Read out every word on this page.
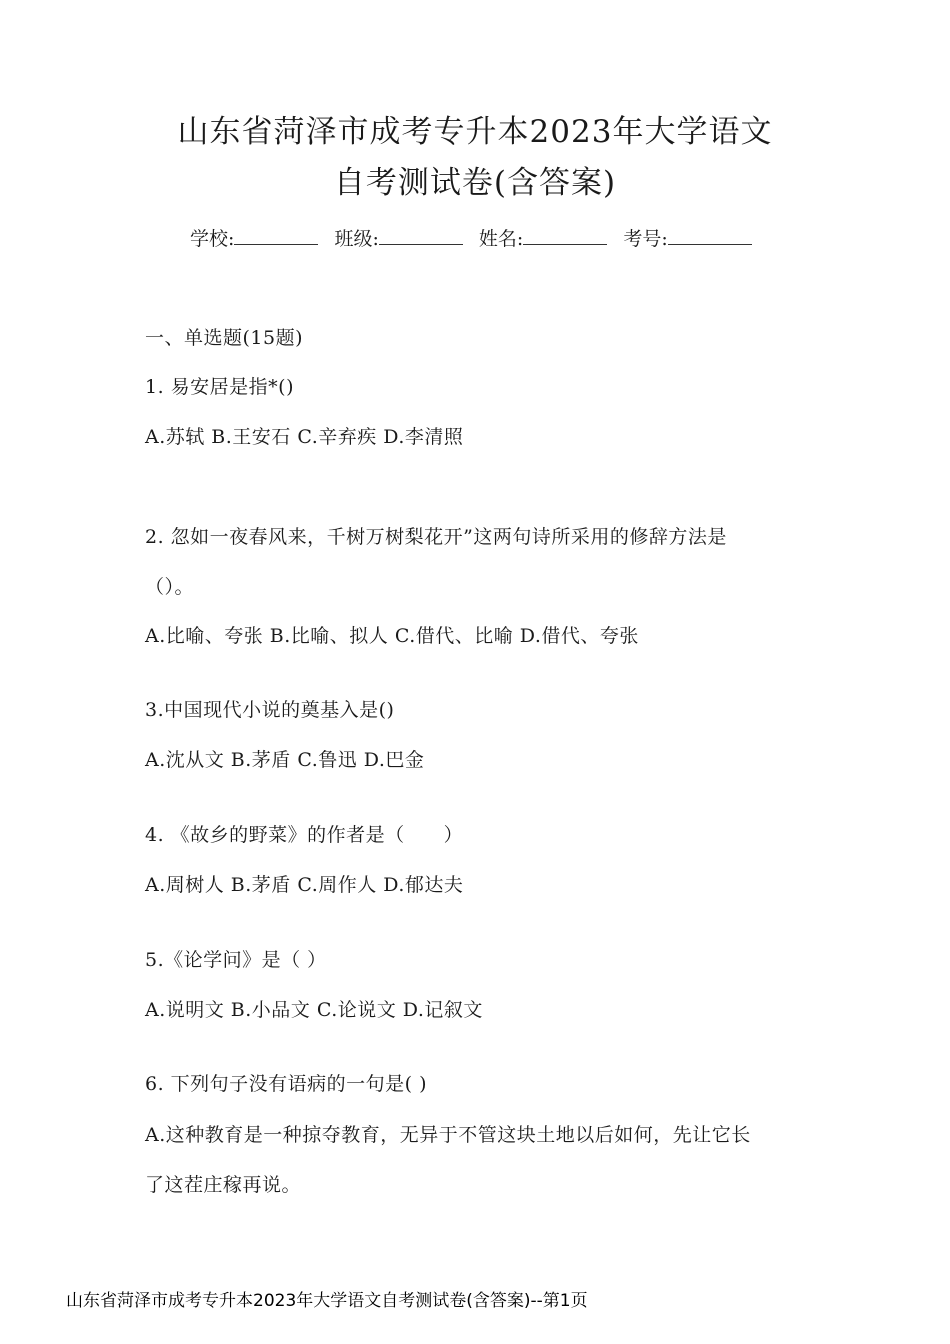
山东省菏泽市成考专升本2023年大学语文
自考测试卷(含答案)
学校:	班级:	姓名:	考号:
一、单选题(15题)
1. 易安居是指*()
A.苏轼 B.王安石 C.辛弃疾 D.李清照
2. 忽如一夜春风来，千树万树梨花开”这两句诗所采用的修辞方法是
（）。
A.比喻、夸张 B.比喻、拟人 C.借代、比喻 D.借代、夸张
3.中国现代小说的奠基入是()
A.沈从文 B.茅盾 C.鲁迅 D.巴金
4. 《故乡的野菜》的作者是（　　）
A.周树人 B.茅盾 C.周作人 D.郁达夫
5.《论学问》是（ ）
A.说明文 B.小品文 C.论说文 D.记叙文
6. 下列句子没有语病的一句是( )
A.这种教育是一种掠夺教育，无异于不管这块土地以后如何，先让它长
了这茬庄稼再说。
山东省菏泽市成考专升本2023年大学语文自考测试卷(含答案)--第1页
